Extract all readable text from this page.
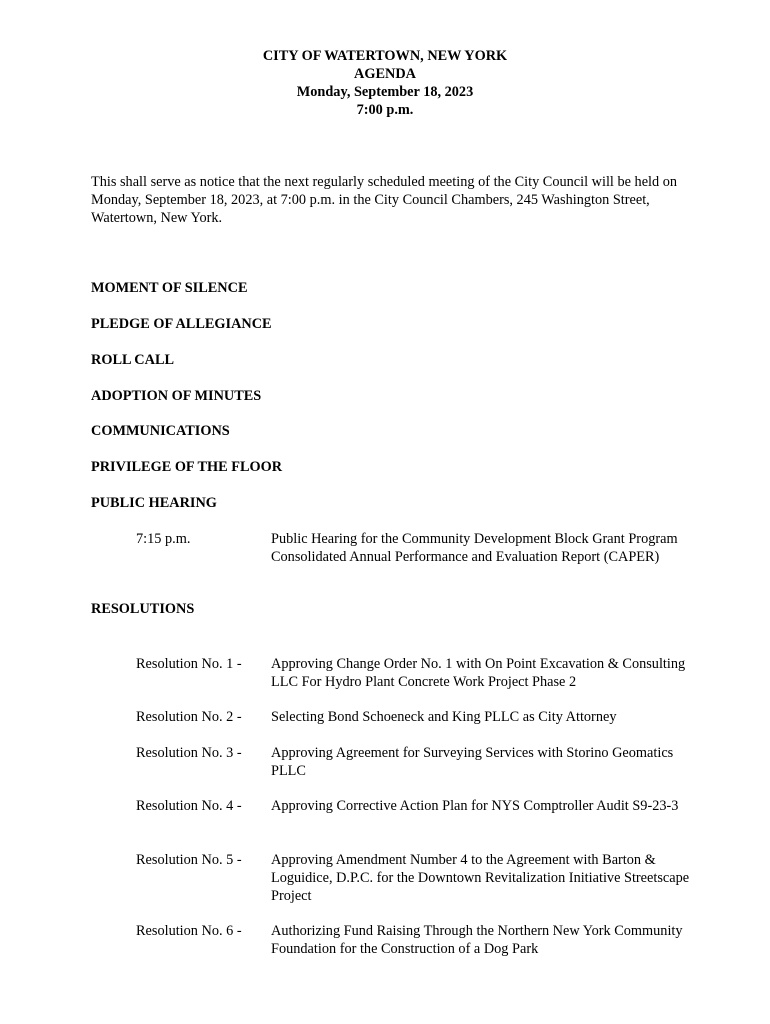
CITY OF WATERTOWN, NEW YORK
AGENDA
Monday, September 18, 2023
7:00 p.m.
This shall serve as notice that the next regularly scheduled meeting of the City Council will be held on Monday, September 18, 2023, at 7:00 p.m. in the City Council Chambers, 245 Washington Street, Watertown, New York.
MOMENT OF SILENCE
PLEDGE OF ALLEGIANCE
ROLL CALL
ADOPTION OF MINUTES
COMMUNICATIONS
PRIVILEGE OF THE FLOOR
PUBLIC HEARING
7:15 p.m.	Public Hearing for the Community Development Block Grant Program Consolidated Annual Performance and Evaluation Report (CAPER)
RESOLUTIONS
Resolution No. 1 -	Approving Change Order No. 1 with On Point Excavation & Consulting LLC For Hydro Plant Concrete Work Project Phase 2
Resolution No. 2 -	Selecting Bond Schoeneck and King PLLC as City Attorney
Resolution No. 3 -	Approving Agreement for Surveying Services with Storino Geomatics PLLC
Resolution No. 4 -	Approving Corrective Action Plan for NYS Comptroller Audit S9-23-3
Resolution No. 5 -	Approving Amendment Number 4 to the Agreement with Barton & Loguidice, D.P.C. for the Downtown Revitalization Initiative Streetscape Project
Resolution No. 6 -	Authorizing Fund Raising Through the Northern New York Community Foundation for the Construction of a Dog Park
